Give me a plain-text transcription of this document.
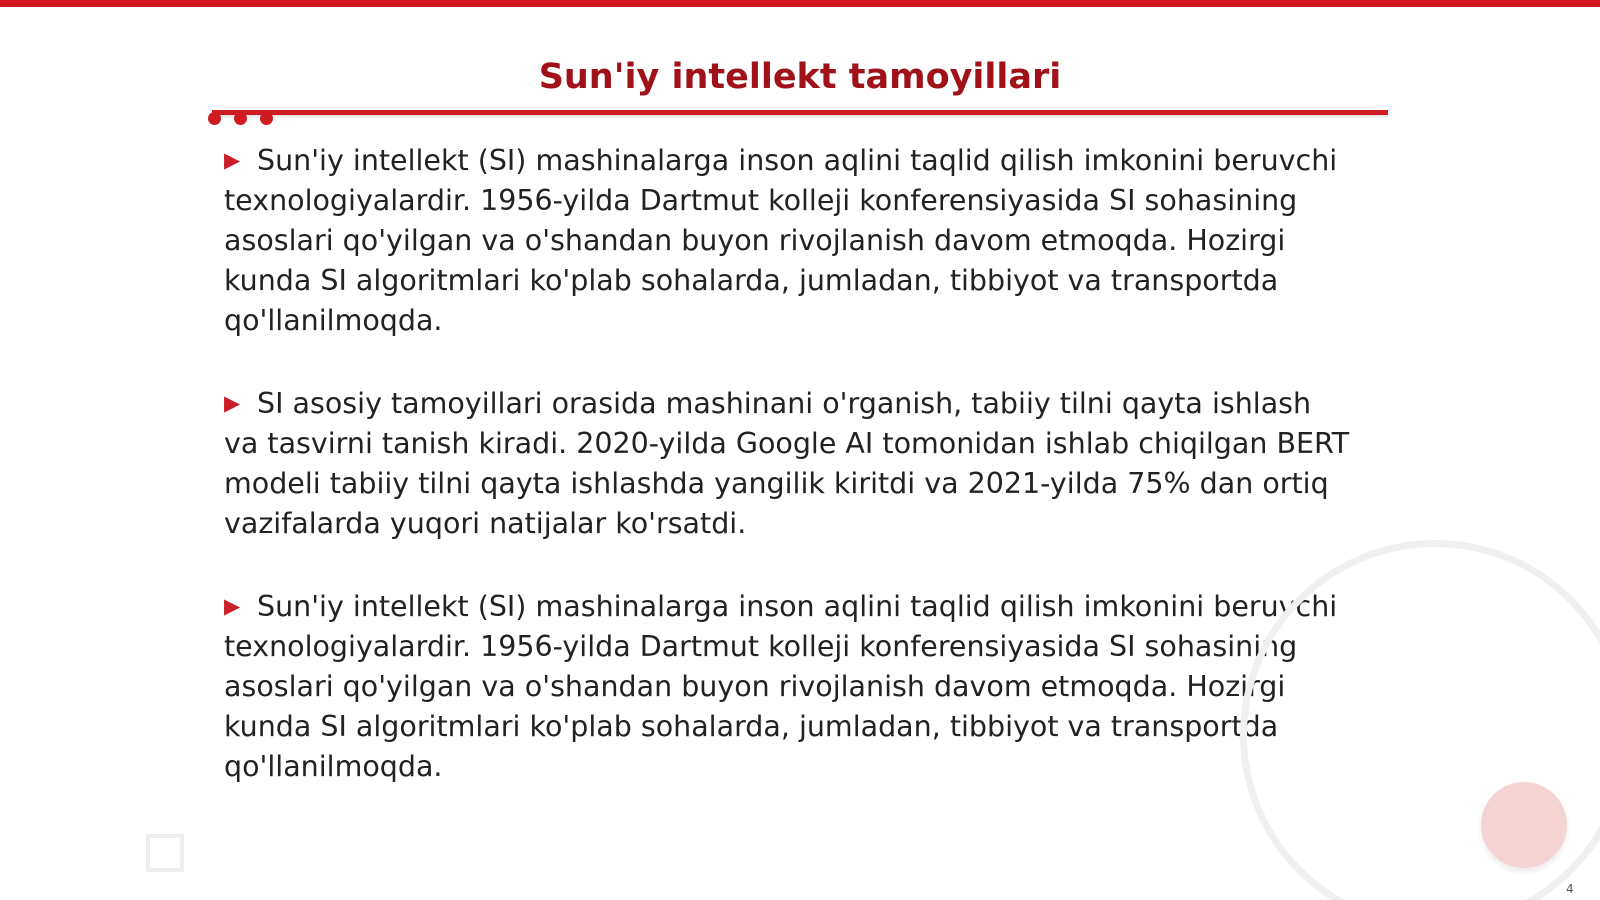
Sun'iy intellekt tamoyillari

▶ Sun'iy intellekt (SI) mashinalarga inson aqlini taqlid qilish imkonini beruvchi texnologiyalardir. 1956-yilda Dartmut kolleji konferensiyasida SI sohasining asoslari qo'yilgan va o'shandan buyon rivojlanish davom etmoqda. Hozirgi kunda SI algoritmlari ko'plab sohalarda, jumladan, tibbiyot va transportda qo'llanilmoqda.

▶ SI asosiy tamoyillari orasida mashinani o'rganish, tabiiy tilni qayta ishlash va tasvirni tanish kiradi. 2020-yilda Google AI tomonidan ishlab chiqilgan BERT modeli tabiiy tilni qayta ishlashda yangilik kiritdi va 2021-yilda 75% dan ortiq vazifalarda yuqori natijalar ko'rsatdi.

▶ Sun'iy intellekt (SI) mashinalarga inson aqlini taqlid qilish imkonini beruvchi texnologiyalardir. 1956-yilda Dartmut kolleji konferensiyasida SI sohasining asoslari qo'yilgan va o'shandan buyon rivojlanish davom etmoqda. Hozirgi kunda SI algoritmlari ko'plab sohalarda, jumladan, tibbiyot va transportda qo'llanilmoqda.

4
